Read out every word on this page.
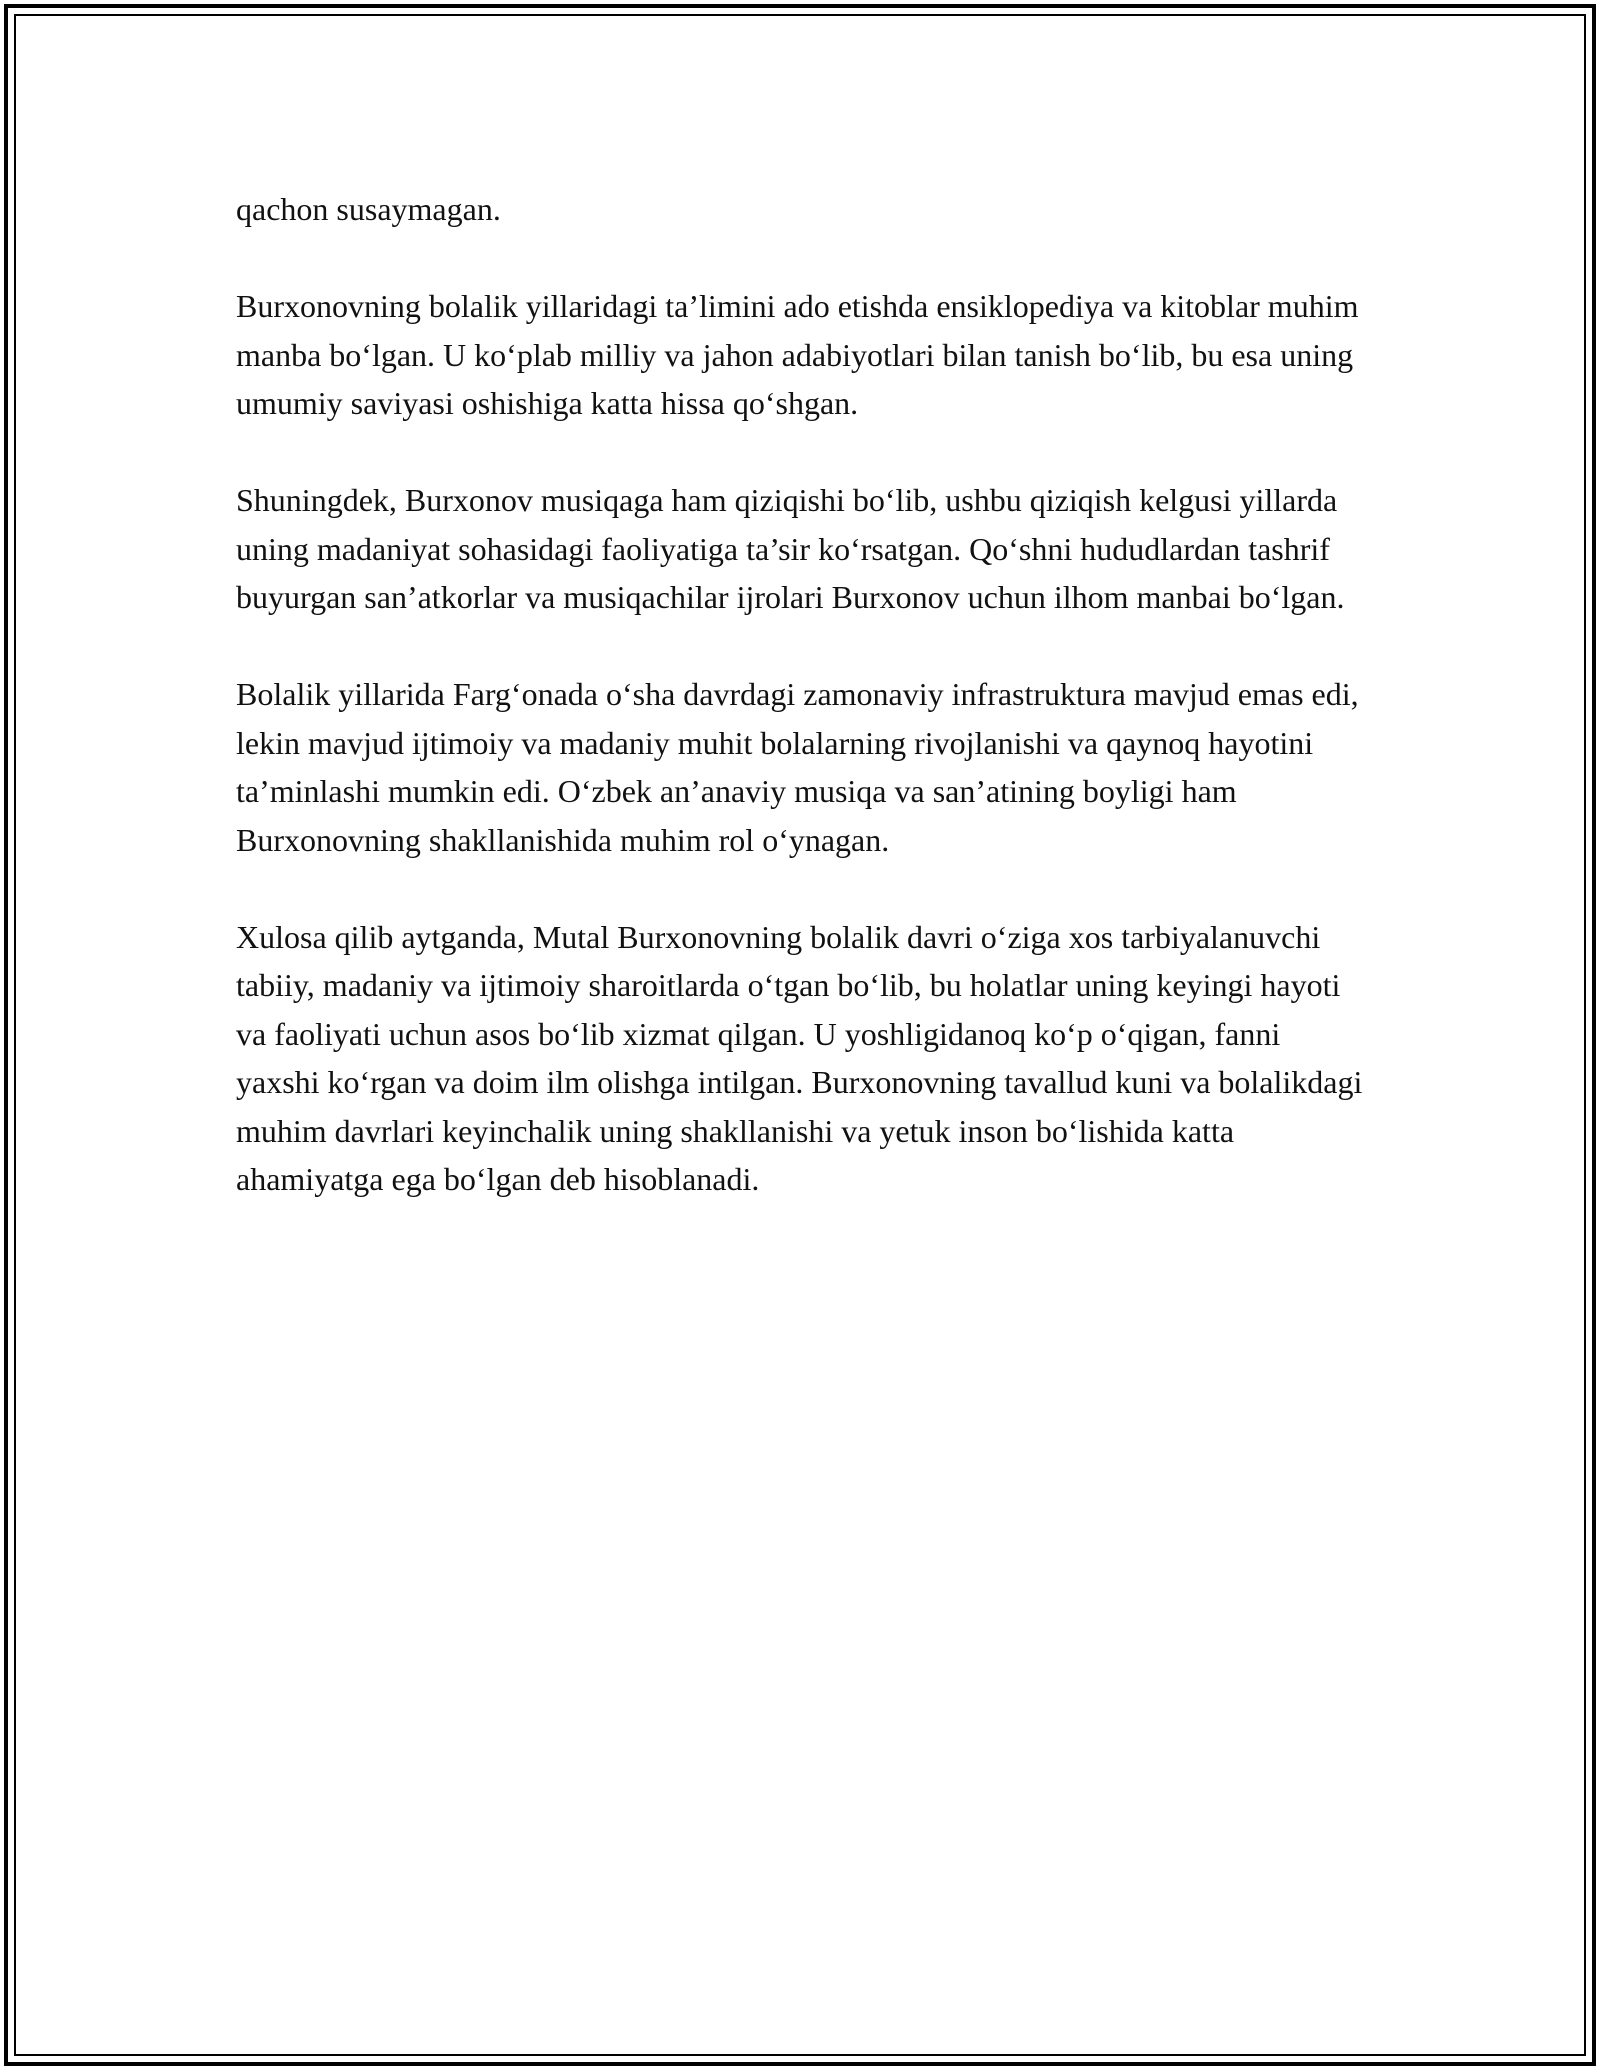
qachon susaymagan.

Burxonovning bolalik yillaridagi ta’limini ado etishda ensiklopediya va kitoblar muhim manba bo‘lgan. U ko‘plab milliy va jahon adabiyotlari bilan tanish bo‘lib, bu esa uning umumiy saviyasi oshishiga katta hissa qo‘shgan.

Shuningdek, Burxonov musiqaga ham qiziqishi bo‘lib, ushbu qiziqish kelgusi yillarda uning madaniyat sohasidagi faoliyatiga ta’sir ko‘rsatgan. Qo‘shni hududlardan tashrif buyurgan san’atkorlar va musiqachilar ijrolari Burxonov uchun ilhom manbai bo‘lgan.

Bolalik yillarida Farg‘onada o‘sha davrdagi zamonaviy infrastruktura mavjud emas edi, lekin mavjud ijtimoiy va madaniy muhit bolalarning rivojlanishi va qaynoq hayotini ta’minlashi mumkin edi. O‘zbek an’anaviy musiqa va san’atining boyligi ham Burxonovning shakllanishida muhim rol o‘ynagan.

Xulosa qilib aytganda, Mutal Burxonovning bolalik davri o‘ziga xos tarbiyalanuvchi tabiiy, madaniy va ijtimoiy sharoitlarda o‘tgan bo‘lib, bu holatlar uning keyingi hayoti va faoliyati uchun asos bo‘lib xizmat qilgan. U yoshligidanoq ko‘p o‘qigan, fanni yaxshi ko‘rgan va doim ilm olishga intilgan. Burxonovning tavallud kuni va bolalikdagi muhim davrlari keyinchalik uning shakllanishi va yetuk inson bo‘lishida katta ahamiyatga ega bo‘lgan deb hisoblanadi.
